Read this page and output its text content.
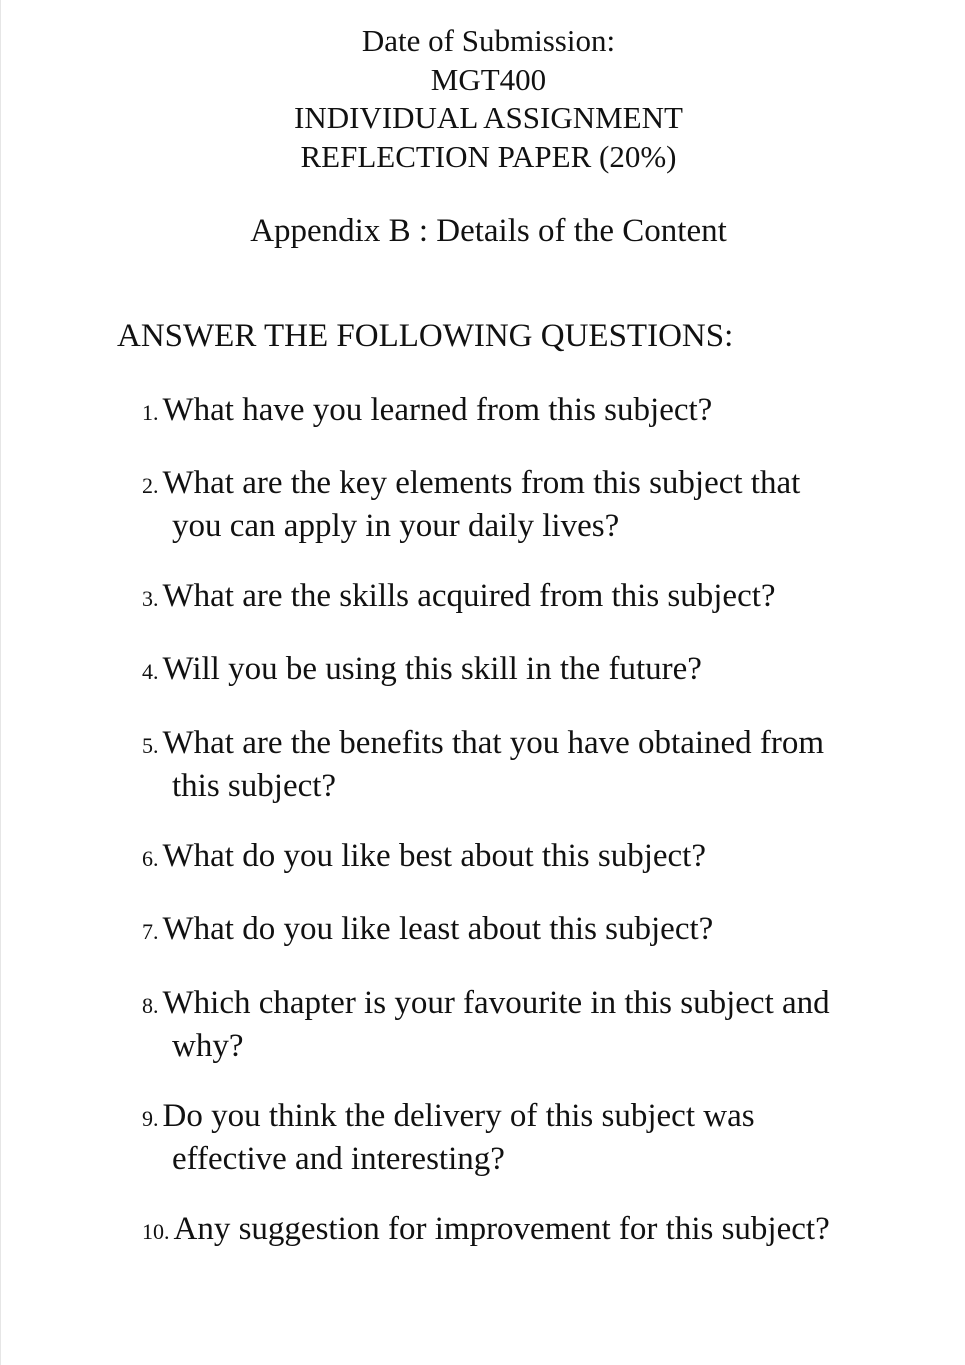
Date of Submission:
MGT400
INDIVIDUAL ASSIGNMENT
REFLECTION PAPER (20%)
Appendix B : Details of the Content
ANSWER THE FOLLOWING QUESTIONS:
1. What have you learned from this subject?
2. What are the key elements from this subject that
you can apply in your daily lives?
3. What are the skills acquired from this subject?
4. Will you be using this skill in the future?
5. What are the benefits that you have obtained from
this subject?
6. What do you like best about this subject?
7. What do you like least about this subject?
8. Which chapter is your favourite in this subject and
why?
9. Do you think the delivery of this subject was
effective and interesting?
10. Any suggestion for improvement for this subject?
